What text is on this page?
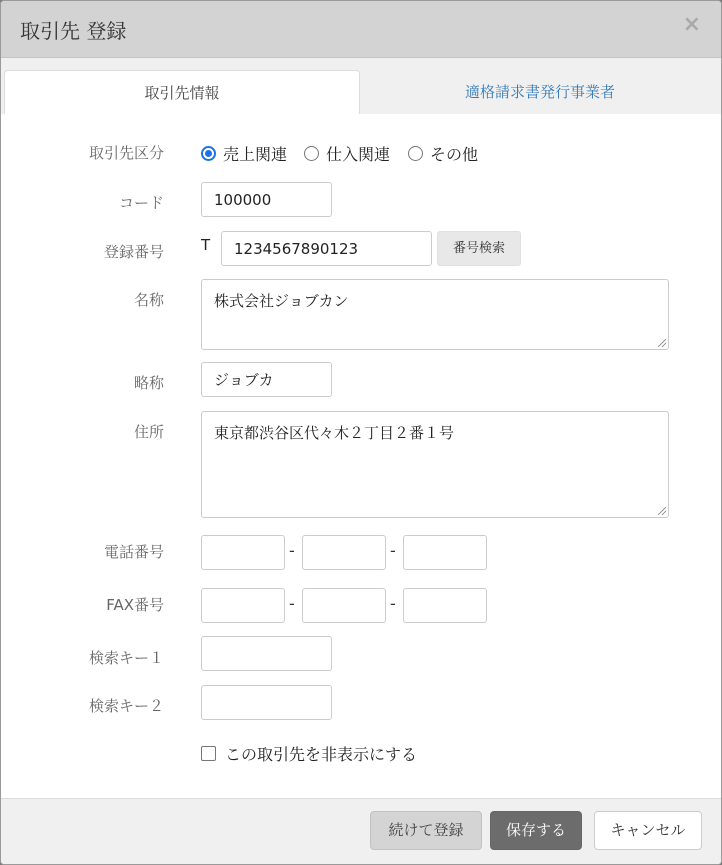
取引先 登録	×
取引先情報	適格請求書発行事業者
取引先区分	売上関連 仕入関連 その他
コード	100000
登録番号 T	1234567890123	番号検索
名称	株式会社ジョブカン
略称	ジョブカ
住所	東京都渋谷区代々木２丁目２番１号
電話番号	-	-
FAX番号	-	-
検索キー１
検索キー２
この取引先を非表示にする
続けて登録	保存する	キャンセル
